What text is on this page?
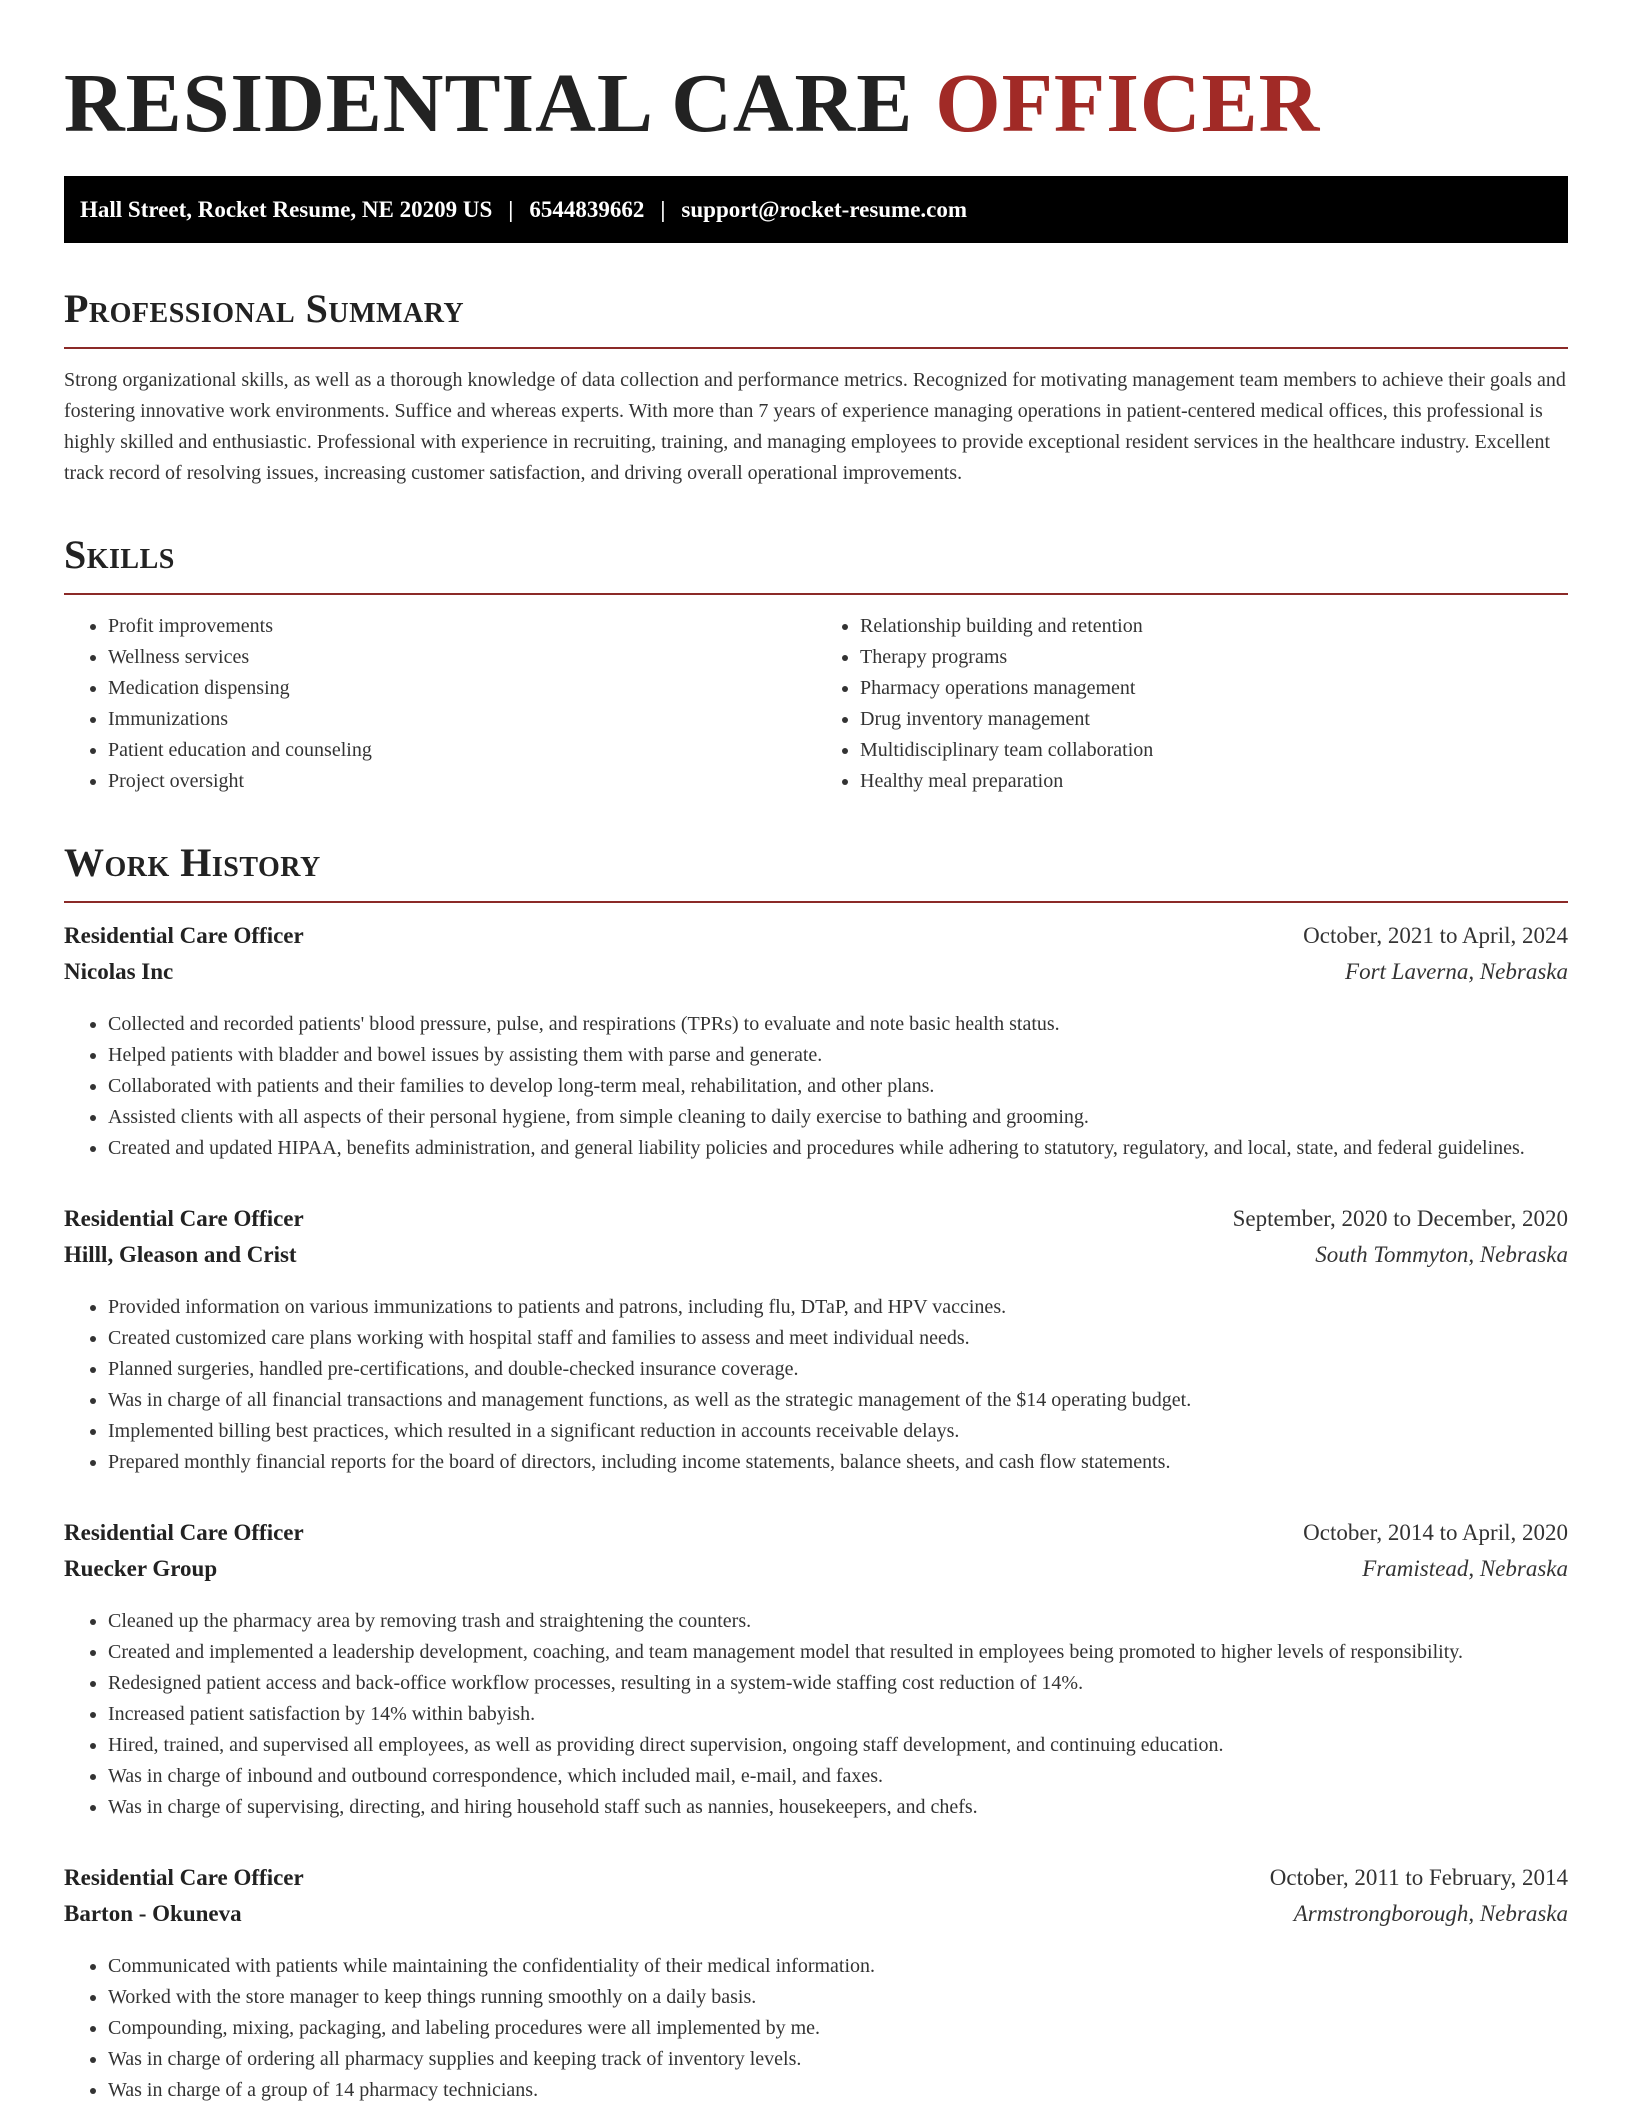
RESIDENTIAL CARE OFFICER
Hall Street, Rocket Resume, NE 20209 US | 6544839662 | support@rocket-resume.com
Professional Summary

Strong organizational skills, as well as a thorough knowledge of data collection and performance metrics. Recognized for motivating management team members to achieve their goals and fostering innovative work environments. Suffice and whereas experts. With more than 7 years of experience managing operations in patient-centered medical offices, this professional is highly skilled and enthusiastic. Professional with experience in recruiting, training, and managing employees to provide exceptional resident services in the healthcare industry. Excellent track record of resolving issues, increasing customer satisfaction, and driving overall operational improvements.

Skills
• Profit improvements
• Wellness services
• Medication dispensing
• Immunizations
• Patient education and counseling
• Project oversight
• Relationship building and retention
• Therapy programs
• Pharmacy operations management
• Drug inventory management
• Multidisciplinary team collaboration
• Healthy meal preparation
Work History
Residential Care Officer	October, 2021 to April, 2024
Nicolas Inc	Fort Laverna, Nebraska
• Collected and recorded patients' blood pressure, pulse, and respirations (TPRs) to evaluate and note basic health status.
• Helped patients with bladder and bowel issues by assisting them with parse and generate.
• Collaborated with patients and their families to develop long-term meal, rehabilitation, and other plans.
• Assisted clients with all aspects of their personal hygiene, from simple cleaning to daily exercise to bathing and grooming.
• Created and updated HIPAA, benefits administration, and general liability policies and procedures while adhering to statutory, regulatory, and local, state, and federal guidelines.
Residential Care Officer	September, 2020 to December, 2020
Hilll, Gleason and Crist	South Tommyton, Nebraska
• Provided information on various immunizations to patients and patrons, including flu, DTaP, and HPV vaccines.
• Created customized care plans working with hospital staff and families to assess and meet individual needs.
• Planned surgeries, handled pre-certifications, and double-checked insurance coverage.
• Was in charge of all financial transactions and management functions, as well as the strategic management of the $14 operating budget.
• Implemented billing best practices, which resulted in a significant reduction in accounts receivable delays.
• Prepared monthly financial reports for the board of directors, including income statements, balance sheets, and cash flow statements.
Residential Care Officer	October, 2014 to April, 2020
Ruecker Group	Framistead, Nebraska
• Cleaned up the pharmacy area by removing trash and straightening the counters.
• Created and implemented a leadership development, coaching, and team management model that resulted in employees being promoted to higher levels of responsibility.
• Redesigned patient access and back-office workflow processes, resulting in a system-wide staffing cost reduction of 14%.
• Increased patient satisfaction by 14% within babyish.
• Hired, trained, and supervised all employees, as well as providing direct supervision, ongoing staff development, and continuing education.
• Was in charge of inbound and outbound correspondence, which included mail, e-mail, and faxes.
• Was in charge of supervising, directing, and hiring household staff such as nannies, housekeepers, and chefs.
Residential Care Officer	October, 2011 to February, 2014
Barton - Okuneva	Armstrongborough, Nebraska
• Communicated with patients while maintaining the confidentiality of their medical information.
• Worked with the store manager to keep things running smoothly on a daily basis.
• Compounding, mixing, packaging, and labeling procedures were all implemented by me.
• Was in charge of ordering all pharmacy supplies and keeping track of inventory levels.
• Was in charge of a group of 14 pharmacy technicians.
